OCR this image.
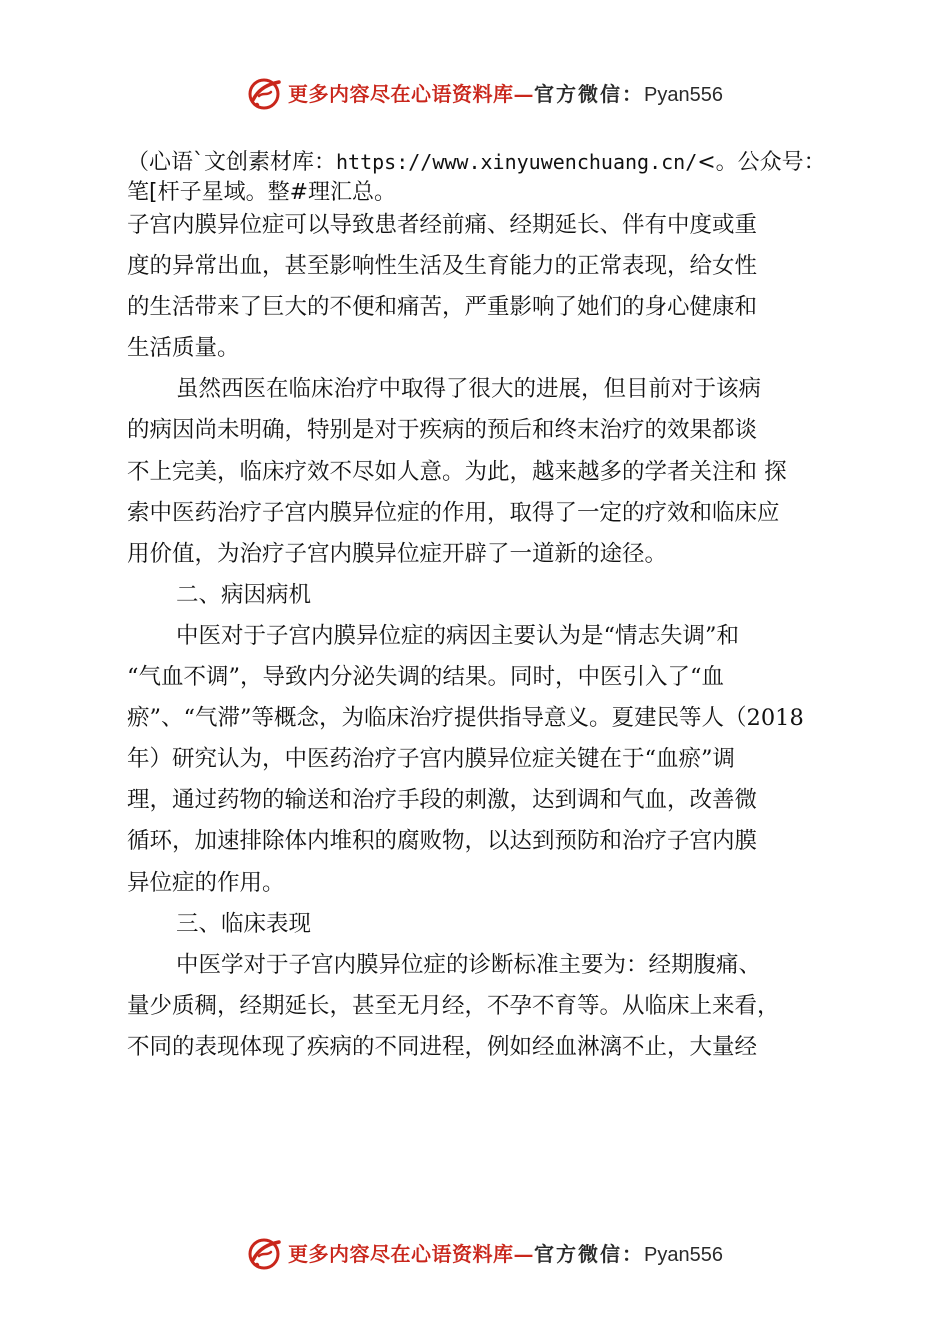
更多内容尽在心语资料库—官方微信：Pyan556
（心语`文创素材库：https://www.xinyuwenchuang.cn/<。公众号：
笔[杆子星域。整#理汇总。
子宫内膜异位症可以导致患者经前痛、经期延长、伴有中度或重
度的异常出血，甚至影响性生活及生育能力的正常表现，给女性
的生活带来了巨大的不便和痛苦，严重影响了她们的身心健康和
生活质量。
虽然西医在临床治疗中取得了很大的进展，但目前对于该病
的病因尚未明确，特别是对于疾病的预后和终末治疗的效果都谈
不上完美，临床疗效不尽如人意。为此，越来越多的学者关注和 探
索中医药治疗子宫内膜异位症的作用，取得了一定的疗效和临床应
用价值，为治疗子宫内膜异位症开辟了一道新的途径。
二、病因病机
中医对于子宫内膜异位症的病因主要认为是“情志失调”和
“气血不调”，导致内分泌失调的结果。同时，中医引入了“血
瘀”、“气滞”等概念，为临床治疗提供指导意义。夏建民等人（2018
年）研究认为，中医药治疗子宫内膜异位症关键在于“血瘀”调
理，通过药物的输送和治疗手段的刺激，达到调和气血，改善微
循环，加速排除体内堆积的腐败物，以达到预防和治疗子宫内膜
异位症的作用。
三、临床表现
中医学对于子宫内膜异位症的诊断标准主要为：经期腹痛、
量少质稠，经期延长，甚至无月经，不孕不育等。从临床上来看，
不同的表现体现了疾病的不同进程，例如经血淋漓不止，大量经
更多内容尽在心语资料库—官方微信：Pyan556
